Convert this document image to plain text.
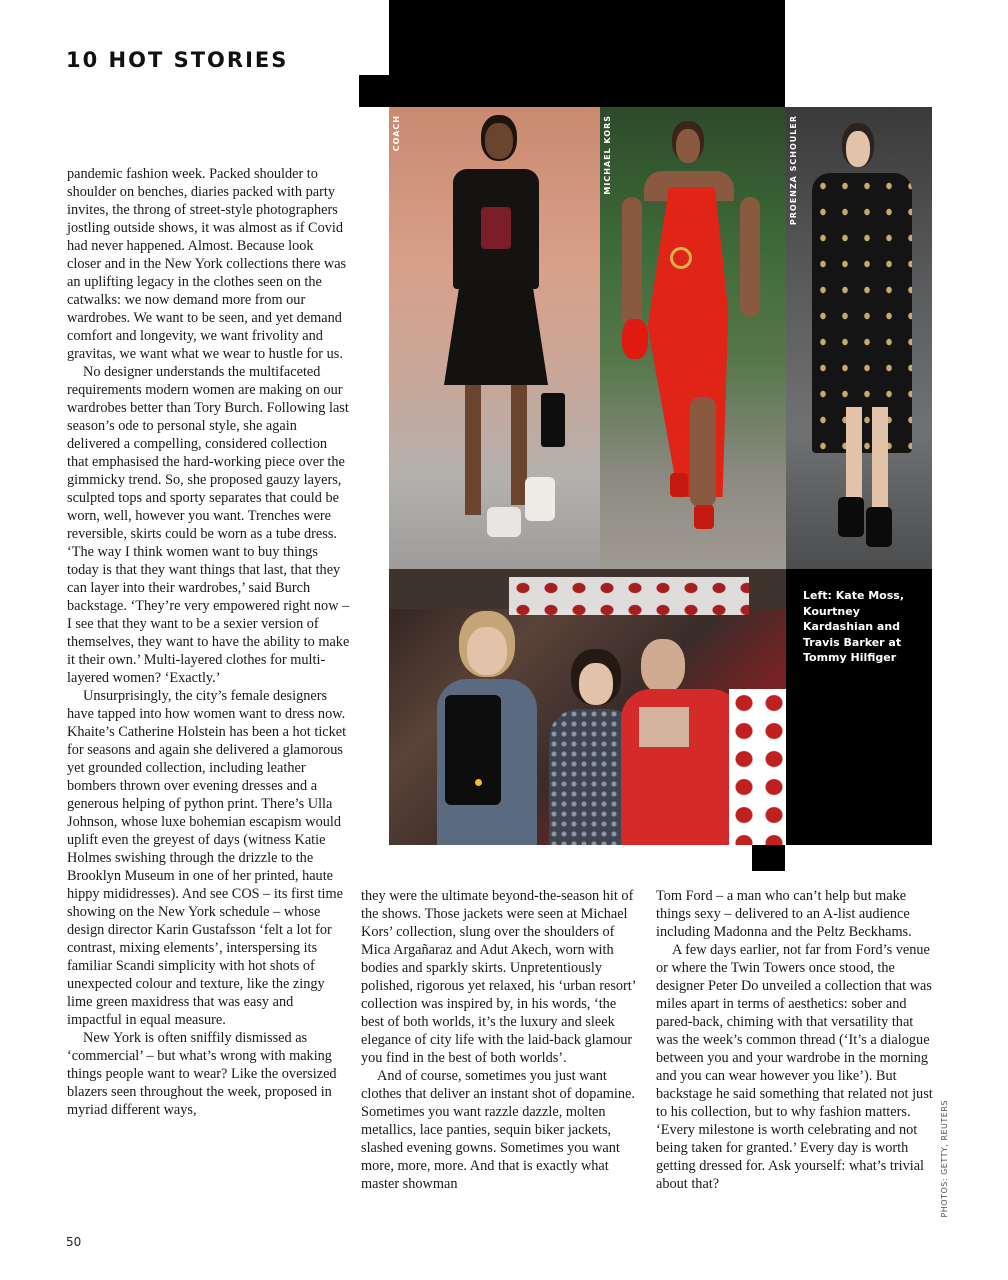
10 HOT STORIES
COACH	MICHAEL KORS	PROENZA SCHOULER

Left: Kate Moss, Kourtney Kardashian and Travis Barker at Tommy Hilfiger

pandemic fashion week. Packed shoulder to shoulder on benches, diaries packed with party invites, the throng of street-style photographers jostling outside shows, it was almost as if Covid had never happened. Almost. Because look closer and in the New York collections there was an uplifting legacy in the clothes seen on the catwalks: we now demand more from our wardrobes. We want to be seen, and yet demand comfort and longevity, we want frivolity and gravitas, we want what we wear to hustle for us.

No designer understands the multifaceted requirements modern women are making on our wardrobes better than Tory Burch. Following last season’s ode to personal style, she again delivered a compelling, considered collection that emphasised the hard-working piece over the gimmicky trend. So, she proposed gauzy layers, sculpted tops and sporty separates that could be worn, well, however you want. Trenches were reversible, skirts could be worn as a tube dress. ‘The way I think women want to buy things today is that they want things that last, that they can layer into their wardrobes,’ said Burch backstage. ‘They’re very empowered right now – I see that they want to be a sexier version of themselves, they want to have the ability to make it their own.’ Multi-layered clothes for multi-layered women? ‘Exactly.’

Unsurprisingly, the city’s female designers have tapped into how women want to dress now. Khaite’s Catherine Holstein has been a hot ticket for seasons and again she delivered a glamorous yet grounded collection, including leather bombers thrown over evening dresses and a generous helping of python print. There’s Ulla Johnson, whose luxe bohemian escapism would uplift even the greyest of days (witness Katie Holmes swishing through the drizzle to the Brooklyn Museum in one of her printed, haute hippy mididresses). And see COS – its first time showing on the New York schedule – whose design director Karin Gustafsson ‘felt a lot for contrast, mixing elements’, interspersing its familiar Scandi simplicity with hot shots of unexpected colour and texture, like the zingy lime green maxidress that was easy and impactful in equal measure.

New York is often sniffily dismissed as ‘commercial’ – but what’s wrong with making things people want to wear? Like the oversized blazers seen throughout the week, proposed in myriad different ways,

they were the ultimate beyond-the-season hit of the shows. Those jackets were seen at Michael Kors’ collection, slung over the shoulders of Mica Argañaraz and Adut Akech, worn with bodies and sparkly skirts. Unpretentiously polished, rigorous yet relaxed, his ‘urban resort’ collection was inspired by, in his words, ‘the best of both worlds, it’s the luxury and sleek elegance of city life with the laid-back glamour you find in the best of both worlds’.

And of course, sometimes you just want clothes that deliver an instant shot of dopamine. Sometimes you want razzle dazzle, molten metallics, lace panties, sequin biker jackets, slashed evening gowns. Sometimes you want more, more, more. And that is exactly what master showman

Tom Ford – a man who can’t help but make things sexy – delivered to an A-list audience including Madonna and the Peltz Beckhams.

A few days earlier, not far from Ford’s venue or where the Twin Towers once stood, the designer Peter Do unveiled a collection that was miles apart in terms of aesthetics: sober and pared-back, chiming with that versatility that was the week’s common thread (‘It’s a dialogue between you and your wardrobe in the morning and you can wear however you like’). But backstage he said something that related not just to his collection, but to why fashion matters. ‘Every milestone is worth celebrating and not being taken for granted.’ Every day is worth getting dressed for. Ask yourself: what’s trivial about that?

50
PHOTOS: GETTY, REUTERS
